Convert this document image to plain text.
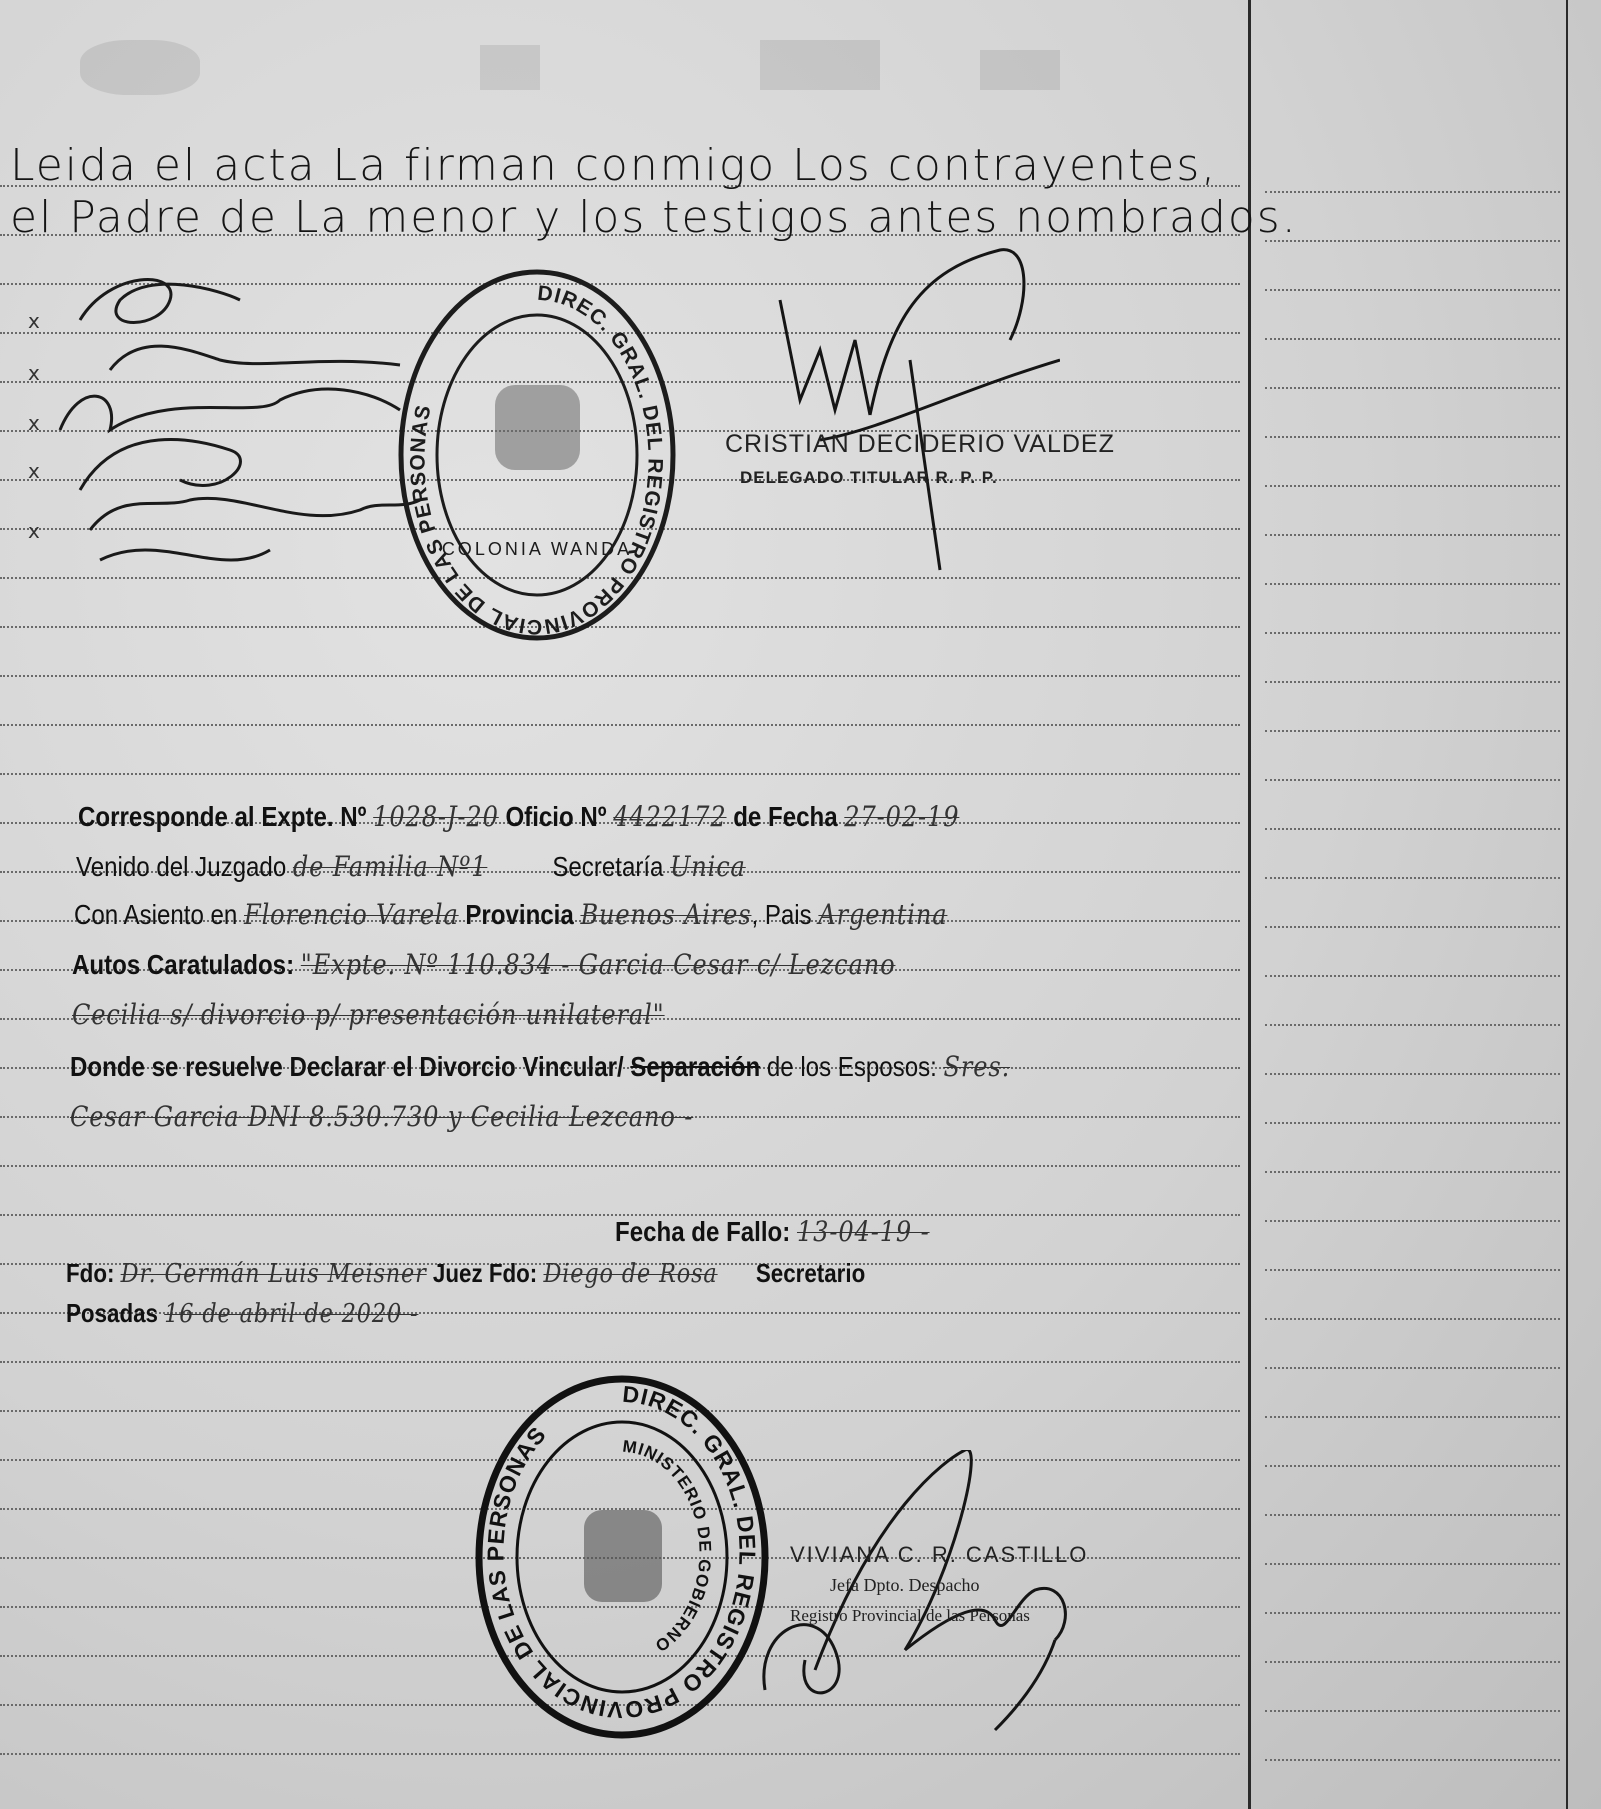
Leida el acta La firman conmigo Los contrayentes,
el Padre de La menor y los testigos antes nombrados.
x
x
x
x
x
DIREC. GRAL. DEL REGISTRO PROVINCIAL DE LAS PERSONAS
COLONIA WANDA
CRISTIAN DECIDERIO VALDEZ
DELEGADO TITULAR R. P. P.
Corresponde al Expte. Nº 1028-J-20 Oficio Nº 4422172 de Fecha 27-02-19
Venido del Juzgado de Familia Nº1 Secretaría Unica
Con Asiento en Florencio Varela Provincia Buenos Aires, Pais Argentina
Autos Caratulados: "Expte. Nº 110.834 - Garcia Cesar c/ Lezcano
Cecilia s/ divorcio p/ presentación unilateral"
Donde se resuelve Declarar el Divorcio Vincular/ Separación de los Esposos: Sres.
Cesar Garcia DNI 8.530.730 y Cecilia Lezcano -
Fecha de Fallo: 13-04-19 -
Fdo: Dr. Germán Luis Meisner Juez Fdo: Diego de Rosa Secretario
Posadas 16 de abril de 2020 -
DIREC. GRAL. DEL REGISTRO PROVINCIAL DE LAS PERSONAS	MINISTERIO DE GOBIERNO
VIVIANA C. R. CASTILLO
Jefa Dpto. Despacho
Registro Provincial de las Personas
